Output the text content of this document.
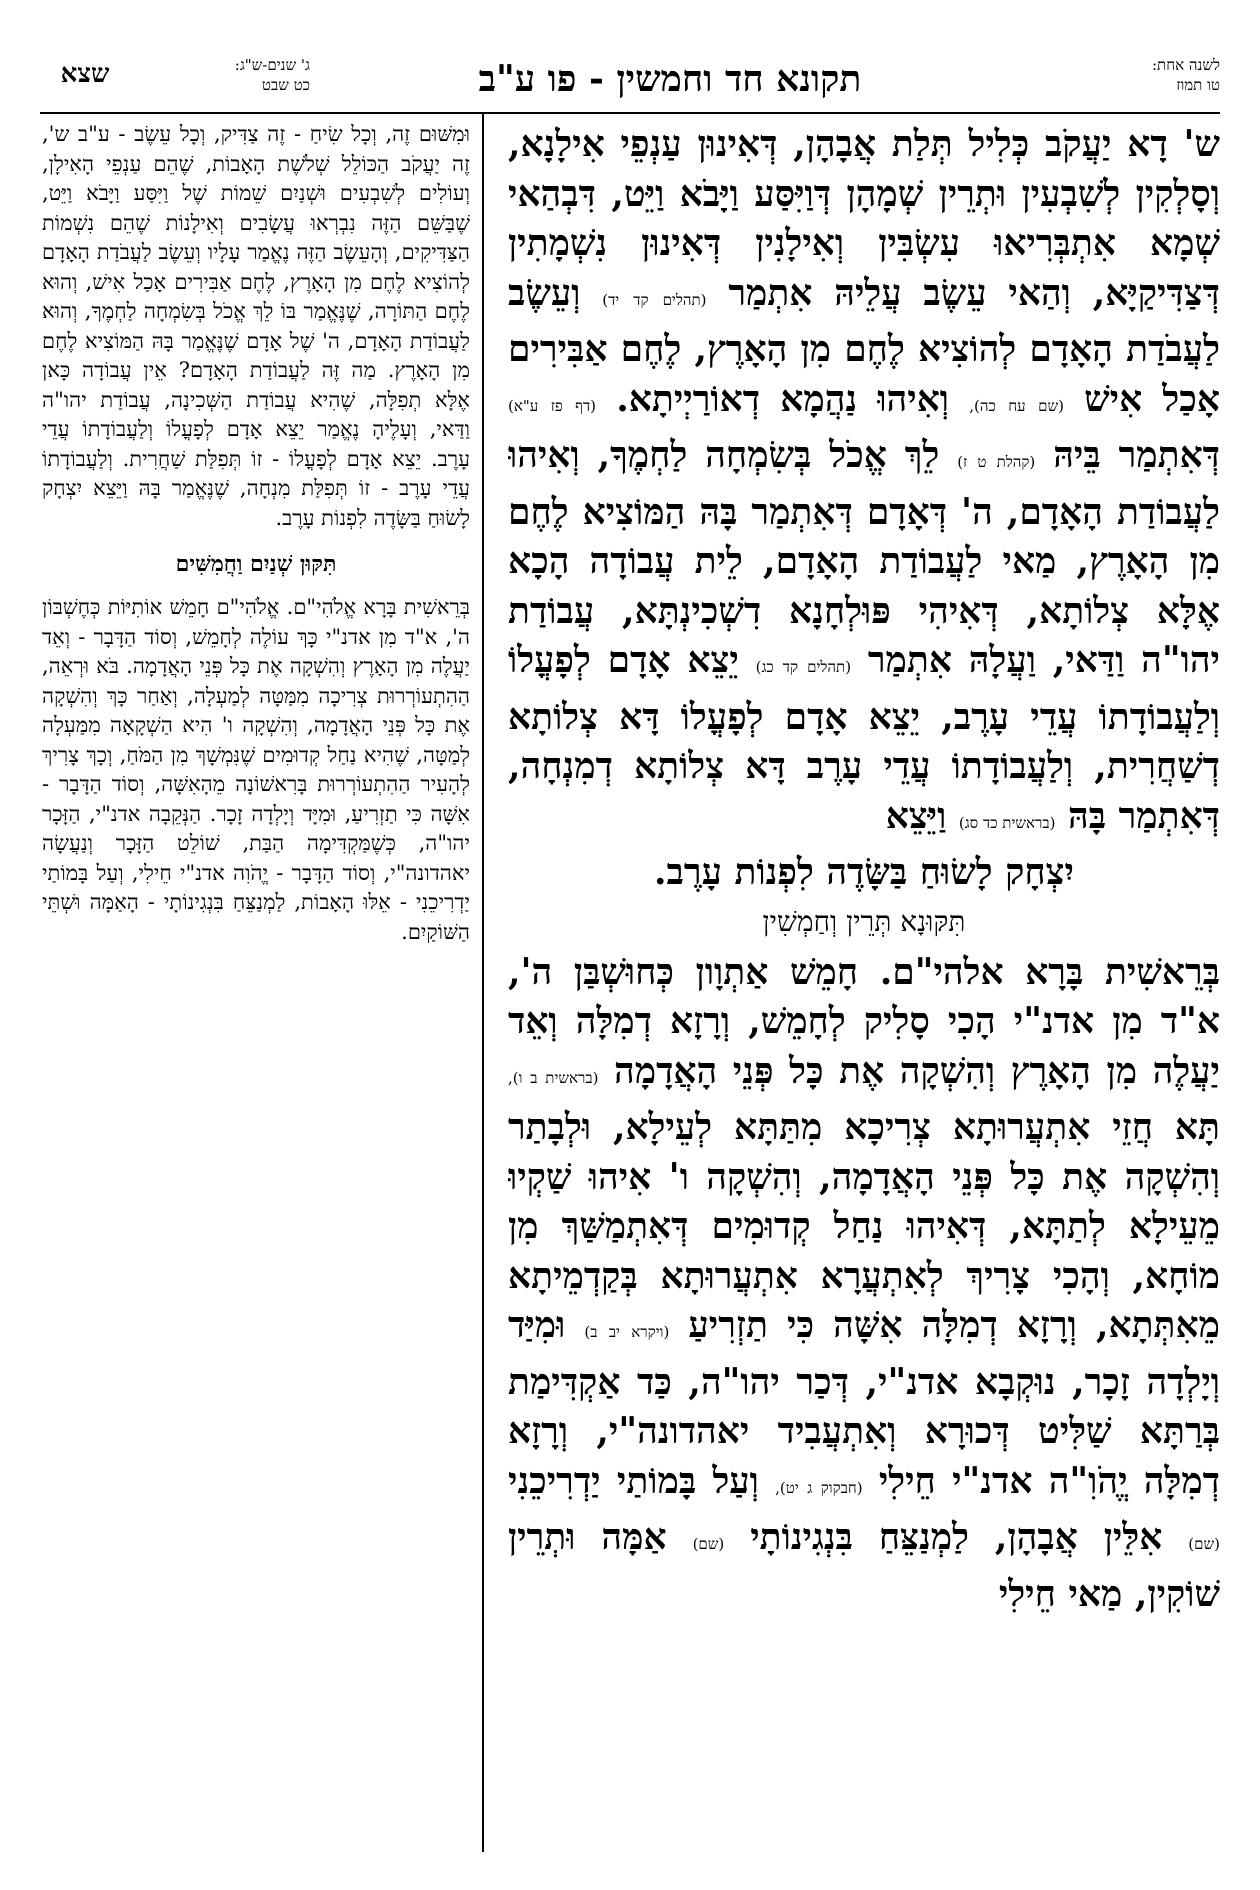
לשנה אחת:
טו תמוז
תקונא חד וחמשין - פו ע"ב
ג' שנים-ש"ג:
כט שבט
שצא

ש' דָא יַעֲקֹב כְּלִיל תְּלַת אֲבָהָן, דְּאִינוּן עַנְפֵי אִילָנָא, וְסָלְקִין לְשִׁבְעִין וּתְרֵין שְׁמָהָן דְּוַיִּסַּע וַיָּבֹא וַיֵּט, דִּבְהַאי שְׁמָא אִתְבְּרִיאוּ עִשְׂבִּין וְאִילָנִין דְּאִינוּן נִשְׁמָתִין דְּצַדִּיקַיָּא, וְהַאי עֵשֶׂב עֲלֵיהּ אִתְמַר (תהלים קד יד) וְעֵשֶׂב לַעֲבֹדַת הָאָדָם לְהוֹצִיא לֶחֶם מִן הָאָרֶץ, לֶחֶם אַבִּירִים אָכַל אִישׁ (שם עח כה), וְאִיהוּ נַהֲמָא דְאוֹרַיְיתָא. (דף פז ע"א) דְּאִתְמַר בֵּיהּ (קהלת ט ז) לֵךְ אֱכֹל בְּשִׂמְחָה לַחְמֶךָ, וְאִיהוּ לַעֲבוֹדַת הָאָדָם, ה' דְּאָדָם דְּאִתְמַר בָּהּ הַמּוֹצִיא לֶחֶם מִן הָאָרֶץ, מַאי לַעֲבוֹדַת הָאָדָם, לֵית עֲבוֹדָה הָכָא אֶלָּא צְלוֹתָא, דְּאִיהִי פּוּלְחָנָא דִשְׁכִינְתָּא, עֲבוֹדַת יהו"ה וַדַּאי, וַעֲלָהּ אִתְמַר (תהלים קד כג) יֵצֵא אָדָם לְפָעֳלוֹ וְלַעֲבוֹדָתוֹ עֲדֵי עָרֶב, יֵצֵא אָדָם לְפָעֳלוֹ דָּא צְלוֹתָא דְשַׁחֲרִית, וְלַעֲבוֹדָתוֹ עֲדֵי עָרֶב דָּא צְלוֹתָא דְמִנְחָה, דְּאִתְמַר בָּהּ (בראשית כד סג) וַיֵּצֵא

יִצְחָק לָשׂוּחַ בַּשָּׂדֶה לִפְנוֹת עָרֶב.

תִּקּוּנָא תְּרֵין וְחַמְשִׁין

בְּרֵאשִׁית בָּרָא אלהי"ם. חָמֵשׁ אַתְוָון כְּחוּשְׁבַּן ה', א"ד מִן אדנ"י הָכִי סָלִיק לְחָמֵשׁ, וְרָזָא דְמִלָּה וְאֵד יַעֲלֶה מִן הָאָרֶץ וְהִשְׁקָה אֶת כָּל פְּנֵי הָאֲדָמָה (בראשית ב ו), תָּא חֲזֵי אִתְעֲרוּתָא צְרִיכָא מִתַּתָּא לְעֵילָא, וּלְבָתַר וְהִשְׁקָה אֶת כָּל פְּנֵי הָאֲדָמָה, וְהִשְׁקָה ו' אִיהוּ שַׁקְיוּ מֵעֵילָא לְתַתָּא, דְּאִיהוּ נַחַל קְדוּמִים דְּאִתְמַשַּׁךְ מִן מוֹחָא, וְהָכִי צָרִיךְ לְאִתְעֲרָא אִתְעֲרוּתָא בְּקַדְמֵיתָא מֵאִתְּתָא, וְרָזָא דְמִלָּה אִשָּׁה כִּי תַזְרִיעַ (ויקרא יב ב) וּמִיַּד וְיָלְדָה זָכָר, נוּקְבָא אדנ"י, דְּכַר יהו"ה, כַּד אַקְדִּימַת בְּרַתָּא שַׁלִּיט דְּכוּרָא וְאִתְעֲבִיד יאהדונה"י, וְרָזָא דְמִלָּה יֱהֹוִ"ה אדנ"י חֵילִי (חבקוק ג יט), וְעַל בָּמוֹתַי יַדְרִיכֵנִי (שם) אִלֵּין אֲבָהָן, לַמְנַצֵּחַ בִּנְגִינוֹתָי (שם) אַמָּה וּתְרֵין שׁוֹקִין, מַאי חֵילִי

וּמִשּׁוּם זֶה, וְכָל שִׂיחַ - זֶה צַדִּיק, וְכָל עֵשֶׂב - ע"ב ש', זֶה יַעֲקֹב הַכּוֹלֵל שְׁלֹשֶׁת הָאָבוֹת, שֶׁהֵם עַנְפֵי הָאִילָן, וְעוֹלִים לְשִׁבְעִים וּשְׁנַיִם שֵׁמוֹת שֶׁל וַיִּסַּע וַיָּבֹא וַיֵּט, שֶׁבַּשֵּׁם הַזֶּה נִבְרְאוּ עֲשָׂבִים וְאִילָנוֹת שֶׁהֵם נִשְׁמוֹת הַצַּדִּיקִים, וְהָעֵשֶׂב הַזֶּה נֶאֱמַר עָלָיו וְעֵשֶׂב לַעֲבֹדַת הָאָדָם לְהוֹצִיא לֶחֶם מִן הָאָרֶץ, לֶחֶם אַבִּירִים אָכַל אִישׁ, וְהוּא לֶחֶם הַתּוֹרָה, שֶׁנֶּאֱמַר בּוֹ לֵךְ אֱכֹל בְּשִׂמְחָה לַחְמֶךָ, וְהוּא לַעֲבוֹדַת הָאָדָם, ה' שֶׁל אָדָם שֶׁנֶּאֱמַר בָּהּ הַמּוֹצִיא לֶחֶם מִן הָאָרֶץ. מַה זֶּה לַעֲבוֹדַת הָאָדָם? אֵין עֲבוֹדָה כָּאן אֶלָּא תְפִלָּה, שֶׁהִיא עֲבוֹדַת הַשְּׁכִינָה, עֲבוֹדַת יהו"ה וַדַּאי, וְעָלֶיהָ נֶאֱמַר יֵצֵא אָדָם לְפָעֳלוֹ וְלַעֲבוֹדָתוֹ עֲדֵי עָרֶב. יֵצֵא אָדָם לְפָעֳלוֹ - זוֹ תְּפִלַּת שַׁחֲרִית. וְלַעֲבוֹדָתוֹ עֲדֵי עָרֶב - זוֹ תְּפִלַּת מִנְחָה, שֶׁנֶּאֱמַר בָּהּ וַיֵּצֵא יִצְחָק לָשׂוּחַ בַּשָּׂדֶה לִפְנוֹת עָרֶב.

תִּקּוּן שְׁנַיִם וַחֲמִשִּׁים

בְּרֵאשִׁית בָּרָא אֱלֹהִי"ם. אֱלֹהִי"ם חָמֵשׁ אוֹתִיּוֹת כְּחֶשְׁבּוֹן ה', א"ד מִן אדנ"י כָּךְ עוֹלֶה לְחָמֵשׁ, וְסוֹד הַדָּבָר - וְאֵד יַעֲלֶה מִן הָאָרֶץ וְהִשְׁקָה אֶת כָּל פְּנֵי הָאֲדָמָה. בֹּא וּרְאֵה, הַהִתְעוֹרְרוּת צְרִיכָה מִמַּטָּה לְמַעְלָה, וְאַחַר כָּךְ וְהִשְׁקָה אֶת כָּל פְּנֵי הָאֲדָמָה, וְהִשְׁקָה ו' הִיא הַשְׁקָאָה מִמַּעְלָה לְמַטָּה, שֶׁהִיא נַחַל קְדוּמִים שֶׁנִּמְשָׁךְ מִן הַמֹּחַ, וְכָךְ צָרִיךְ לְהָעִיר הַהִתְעוֹרְרוּת בָּרִאשׁוֹנָה מֵהָאִשָּׁה, וְסוֹד הַדָּבָר - אִשָּׁה כִּי תַזְרִיעַ, וּמִיָּד וְיָלְדָה זָכָר. הַנְּקֵבָה אדנ"י, הַזָּכָר יהו"ה, כְּשֶׁמַּקְדִּימָה הַבַּת, שׁוֹלֵט הַזָּכָר וְנַעֲשָׂה יאהדונה"י, וְסוֹד הַדָּבָר - יֱהֹוִה אדנ"י חֵילִי, וְעַל בָּמוֹתַי יַדְרִיכֵנִי - אֵלּוּ הָאָבוֹת, לַמְנַצֵּחַ בִּנְגִינוֹתָי - הָאַמָּה וּשְׁתֵּי הַשּׁוֹקַיִם.
